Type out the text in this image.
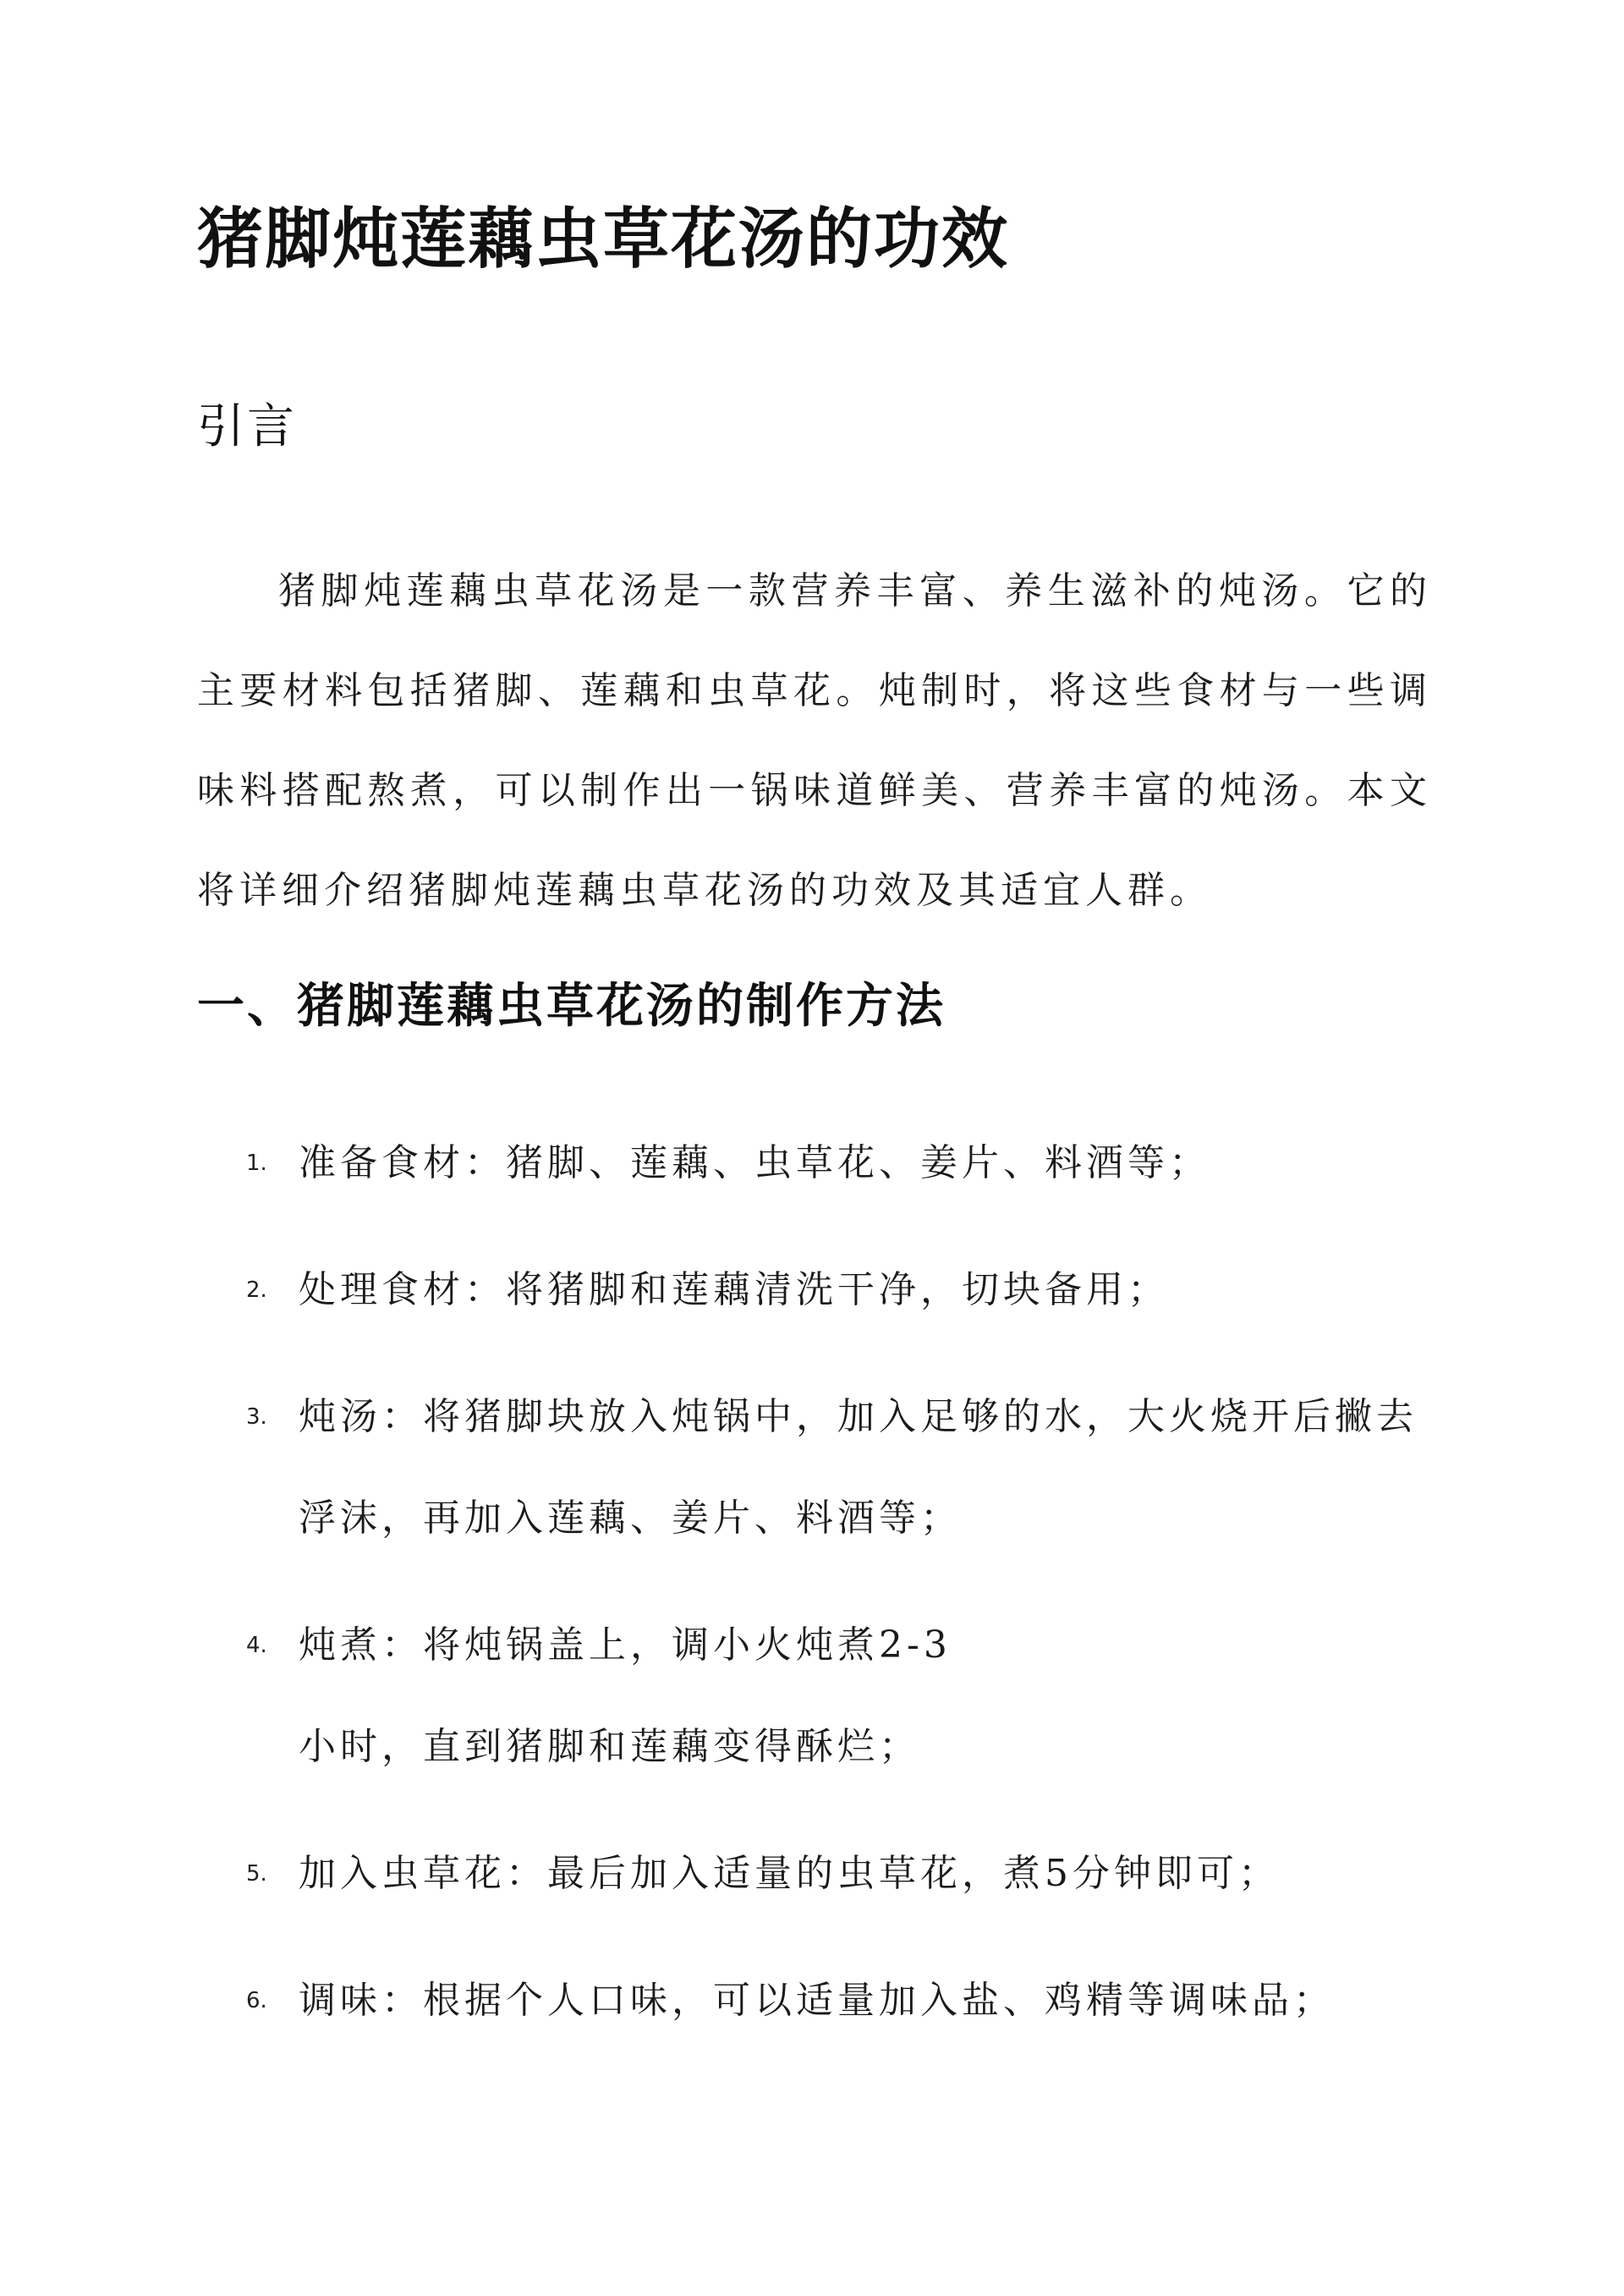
猪脚炖莲藕虫草花汤的功效
引言

猪脚炖莲藕虫草花汤是一款营养丰富、养生滋补的炖汤。它的主要材料包括猪脚、莲藕和虫草花。炖制时，将这些食材与一些调味料搭配熬煮，可以制作出一锅味道鲜美、营养丰富的炖汤。本文将详细介绍猪脚炖莲藕虫草花汤的功效及其适宜人群。

一、猪脚莲藕虫草花汤的制作方法
1. 准备食材：猪脚、莲藕、虫草花、姜片、料酒等；
2. 处理食材：将猪脚和莲藕清洗干净，切块备用；
3. 炖汤：将猪脚块放入炖锅中，加入足够的水，大火烧开后撇去浮沫，再加入莲藕、姜片、料酒等；
4. 炖煮：将炖锅盖上，调小火炖煮2-3小时，直到猪脚和莲藕变得酥烂；
5. 加入虫草花：最后加入适量的虫草花，煮5分钟即可；
6. 调味：根据个人口味，可以适量加入盐、鸡精等调味品；
